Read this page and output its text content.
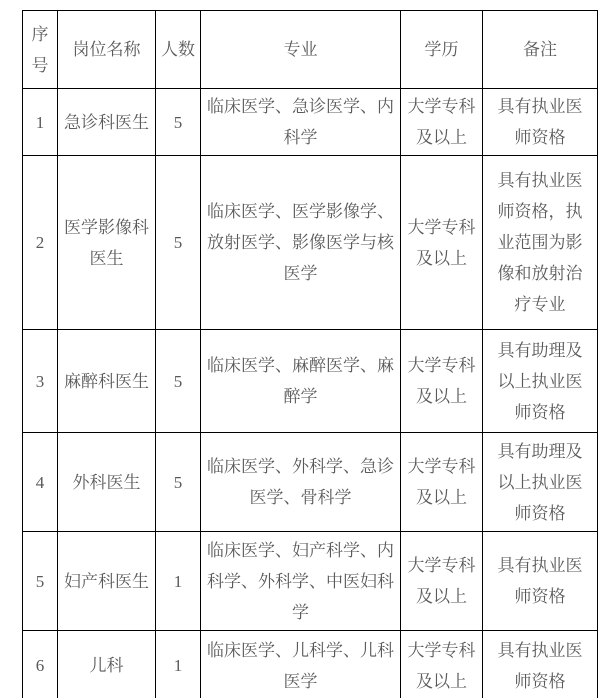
序号	岗位名称	人数	专业	学历	备注
1	急诊科医生	5	临床医学、急诊医学、内科学	大学专科及以上	具有执业医师资格
2	医学影像科医生	5	临床医学、医学影像学、放射医学、影像医学与核医学	大学专科及以上	具有执业医师资格，执业范围为影像和放射治疗专业
3	麻醉科医生	5	临床医学、麻醉医学、麻醉学	大学专科及以上	具有助理及以上执业医师资格
4	外科医生	5	临床医学、外科学、急诊医学、骨科学	大学专科及以上	具有助理及以上执业医师资格
5	妇产科医生	1	临床医学、妇产科学、内科学、外科学、中医妇科学	大学专科及以上	具有执业医师资格
6	儿科	1	临床医学、儿科学、儿科医学	大学专科及以上	具有执业医师资格
